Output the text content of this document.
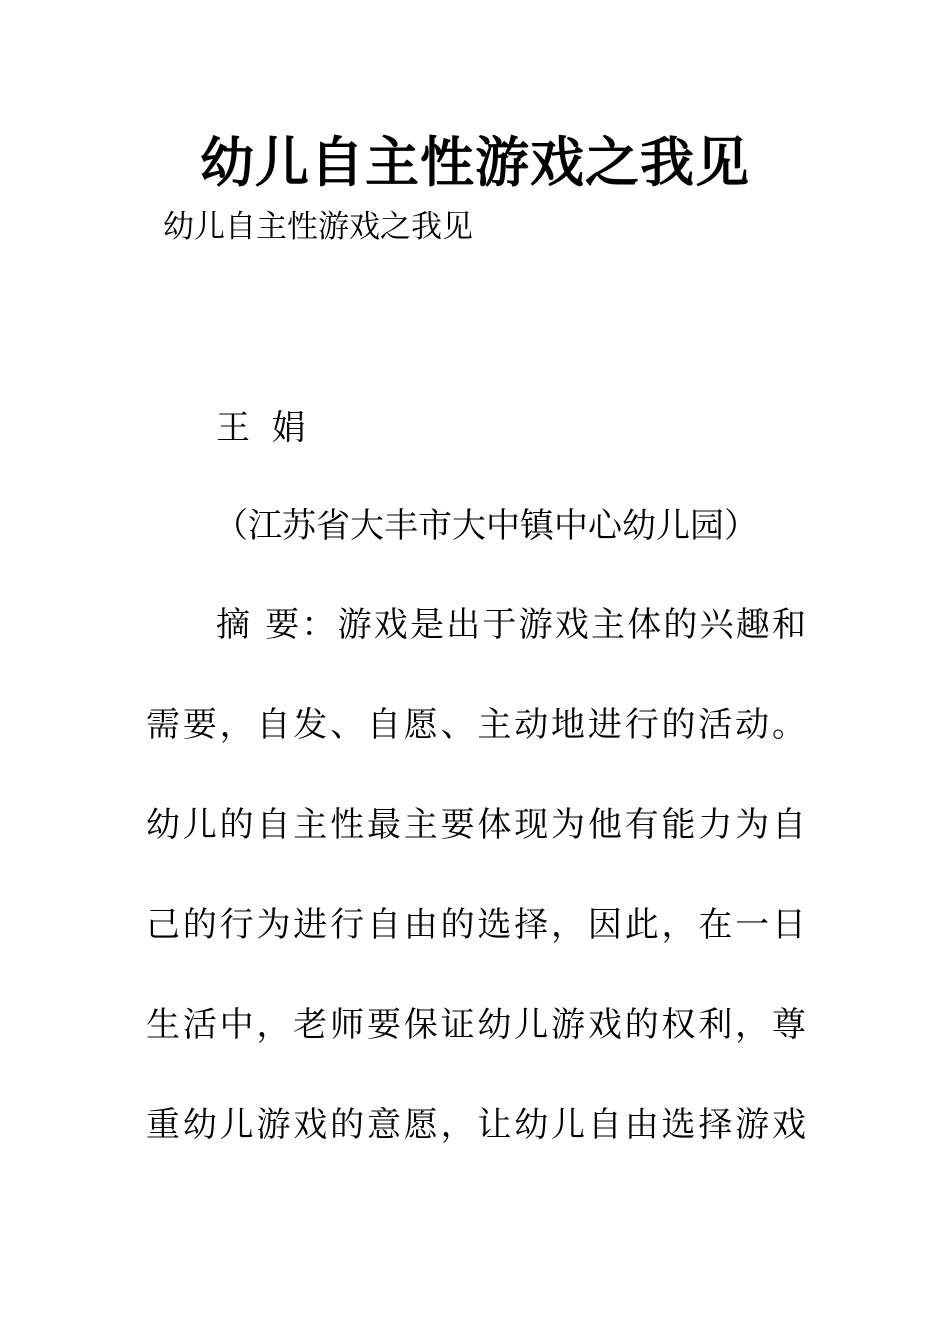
幼儿自主性游戏之我见

幼儿自主性游戏之我见

王  娟

（江苏省大丰市大中镇中心幼儿园）

摘 要：游戏是出于游戏主体的兴趣和
需要，自发、自愿、主动地进行的活动。
幼儿的自主性最主要体现为他有能力为自
己的行为进行自由的选择，因此，在一日
生活中，老师要保证幼儿游戏的权利，尊
重幼儿游戏的意愿，让幼儿自由选择游戏
